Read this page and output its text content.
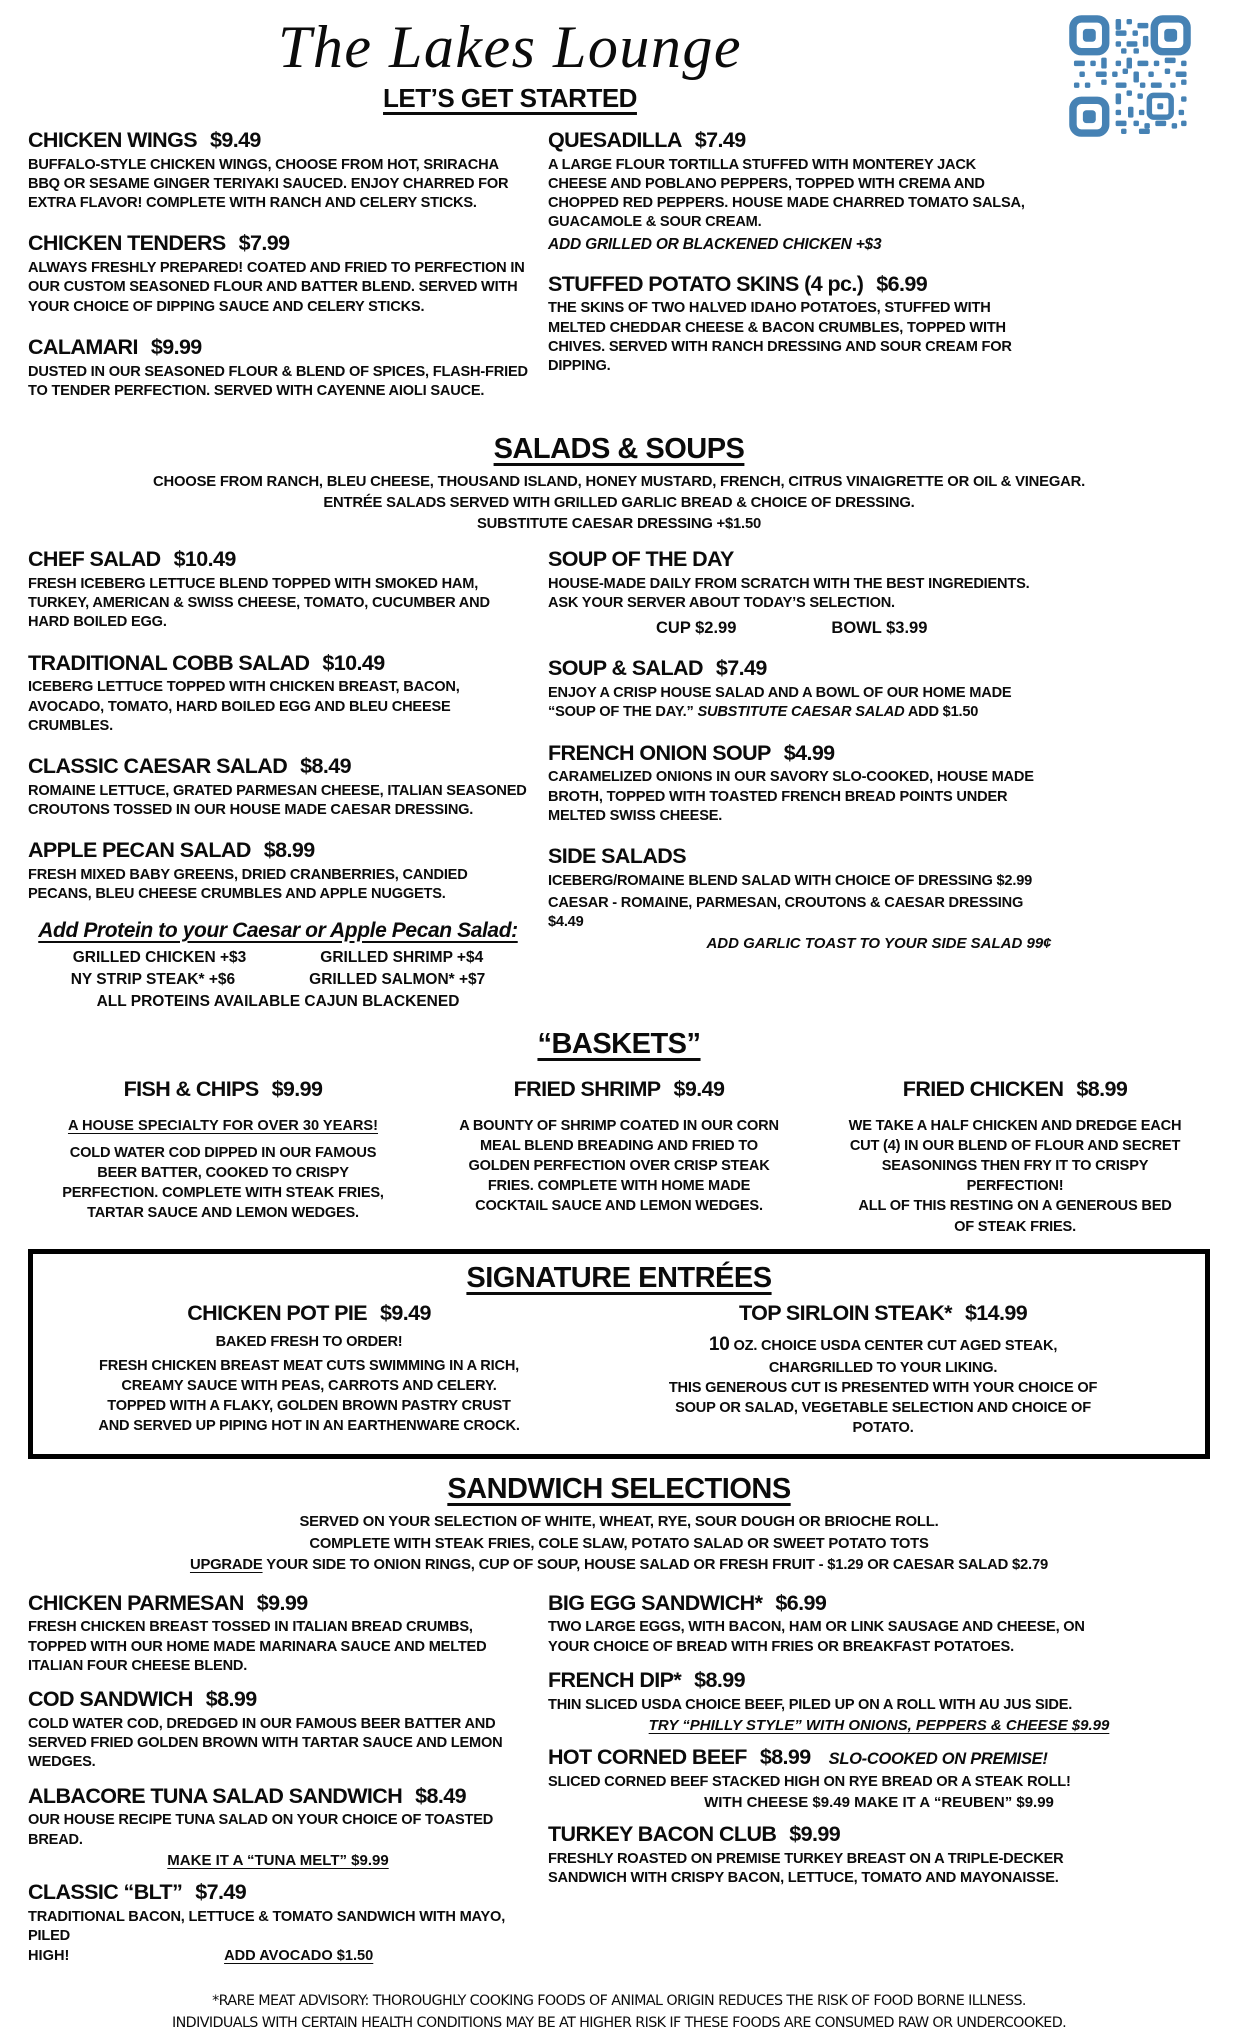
The Lakes Lounge
LET’S GET STARTED
CHICKEN WINGS $9.49

BUFFALO-STYLE CHICKEN WINGS, CHOOSE FROM HOT, SRIRACHA BBQ OR SESAME GINGER TERIYAKI SAUCED. ENJOY CHARRED FOR EXTRA FLAVOR! COMPLETE WITH RANCH AND CELERY STICKS.

CHICKEN TENDERS $7.99

ALWAYS FRESHLY PREPARED! COATED AND FRIED TO PERFECTION IN OUR CUSTOM SEASONED FLOUR AND BATTER BLEND. SERVED WITH YOUR CHOICE OF DIPPING SAUCE AND CELERY STICKS.

CALAMARI $9.99

DUSTED IN OUR SEASONED FLOUR & BLEND OF SPICES, FLASH-FRIED TO TENDER PERFECTION. SERVED WITH CAYENNE AIOLI SAUCE.

QUESADILLA $7.49

A LARGE FLOUR TORTILLA STUFFED WITH MONTEREY JACK CHEESE AND POBLANO PEPPERS, TOPPED WITH CREMA AND CHOPPED RED PEPPERS. HOUSE MADE CHARRED TOMATO SALSA, GUACAMOLE & SOUR CREAM.

ADD GRILLED OR BLACKENED CHICKEN +$3
STUFFED POTATO SKINS (4 pc.) $6.99

THE SKINS OF TWO HALVED IDAHO POTATOES, STUFFED WITH MELTED CHEDDAR CHEESE & BACON CRUMBLES, TOPPED WITH CHIVES. SERVED WITH RANCH DRESSING AND SOUR CREAM FOR DIPPING.

SALADS & SOUPS
CHOOSE FROM RANCH, BLEU CHEESE, THOUSAND ISLAND, HONEY MUSTARD, FRENCH, CITRUS VINAIGRETTE OR OIL & VINEGAR.
ENTRÉE SALADS SERVED WITH GRILLED GARLIC BREAD & CHOICE OF DRESSING.
SUBSTITUTE CAESAR DRESSING +$1.50
CHEF SALAD $10.49

FRESH ICEBERG LETTUCE BLEND TOPPED WITH SMOKED HAM, TURKEY, AMERICAN & SWISS CHEESE, TOMATO, CUCUMBER AND HARD BOILED EGG.

TRADITIONAL COBB SALAD $10.49

ICEBERG LETTUCE TOPPED WITH CHICKEN BREAST, BACON, AVOCADO, TOMATO, HARD BOILED EGG AND BLEU CHEESE CRUMBLES.

CLASSIC CAESAR SALAD $8.49

ROMAINE LETTUCE, GRATED PARMESAN CHEESE, ITALIAN SEASONED CROUTONS TOSSED IN OUR HOUSE MADE CAESAR DRESSING.

APPLE PECAN SALAD $8.99

FRESH MIXED BABY GREENS, DRIED CRANBERRIES, CANDIED PECANS, BLEU CHEESE CRUMBLES AND APPLE NUGGETS.

Add Protein to your Caesar or Apple Pecan Salad:
GRILLED CHICKEN +$3	GRILLED SHRIMP +$4
NY STRIP STEAK* +$6	GRILLED SALMON* +$7
ALL PROTEINS AVAILABLE CAJUN BLACKENED
SOUP OF THE DAY

HOUSE-MADE DAILY FROM SCRATCH WITH THE BEST INGREDIENTS. ASK YOUR SERVER ABOUT TODAY’S SELECTION.

CUP $2.99	BOWL $3.99
SOUP & SALAD $7.49

ENJOY A CRISP HOUSE SALAD AND A BOWL OF OUR HOME MADE “SOUP OF THE DAY.” SUBSTITUTE CAESAR SALAD ADD $1.50

FRENCH ONION SOUP $4.99

CARAMELIZED ONIONS IN OUR SAVORY SLO-COOKED, HOUSE MADE BROTH, TOPPED WITH TOASTED FRENCH BREAD POINTS UNDER MELTED SWISS CHEESE.

SIDE SALADS

ICEBERG/ROMAINE BLEND SALAD WITH CHOICE OF DRESSING $2.99

CAESAR - ROMAINE, PARMESAN, CROUTONS & CAESAR DRESSING $4.49

ADD GARLIC TOAST TO YOUR SIDE SALAD 99¢
“BASKETS”
FISH & CHIPS $9.99
A HOUSE SPECIALTY FOR OVER 30 YEARS!

COLD WATER COD DIPPED IN OUR FAMOUS BEER BATTER, COOKED TO CRISPY PERFECTION. COMPLETE WITH STEAK FRIES, TARTAR SAUCE AND LEMON WEDGES.

FRIED SHRIMP $9.49

A BOUNTY OF SHRIMP COATED IN OUR CORN MEAL BLEND BREADING AND FRIED TO GOLDEN PERFECTION OVER CRISP STEAK FRIES. COMPLETE WITH HOME MADE COCKTAIL SAUCE AND LEMON WEDGES.

FRIED CHICKEN $8.99

WE TAKE A HALF CHICKEN AND DREDGE EACH CUT (4) IN OUR BLEND OF FLOUR AND SECRET SEASONINGS THEN FRY IT TO CRISPY PERFECTION!

ALL OF THIS RESTING ON A GENEROUS BED OF STEAK FRIES.

SIGNATURE ENTRÉES
CHICKEN POT PIE $9.49
BAKED FRESH TO ORDER!

FRESH CHICKEN BREAST MEAT CUTS SWIMMING IN A RICH, CREAMY SAUCE WITH PEAS, CARROTS AND CELERY. TOPPED WITH A FLAKY, GOLDEN BROWN PASTRY CRUST AND SERVED UP PIPING HOT IN AN EARTHENWARE CROCK.

TOP SIRLOIN STEAK* $14.99

10 OZ. CHOICE USDA CENTER CUT AGED STEAK, CHARGRILLED TO YOUR LIKING.

THIS GENEROUS CUT IS PRESENTED WITH YOUR CHOICE OF SOUP OR SALAD, VEGETABLE SELECTION AND CHOICE OF POTATO.

SANDWICH SELECTIONS
SERVED ON YOUR SELECTION OF WHITE, WHEAT, RYE, SOUR DOUGH OR BRIOCHE ROLL.
COMPLETE WITH STEAK FRIES, COLE SLAW, POTATO SALAD OR SWEET POTATO TOTS
UPGRADE YOUR SIDE TO ONION RINGS, CUP OF SOUP, HOUSE SALAD OR FRESH FRUIT - $1.29 OR CAESAR SALAD $2.79
CHICKEN PARMESAN $9.99

FRESH CHICKEN BREAST TOSSED IN ITALIAN BREAD CRUMBS, TOPPED WITH OUR HOME MADE MARINARA SAUCE AND MELTED ITALIAN FOUR CHEESE BLEND.

COD SANDWICH $8.99

COLD WATER COD, DREDGED IN OUR FAMOUS BEER BATTER AND SERVED FRIED GOLDEN BROWN WITH TARTAR SAUCE AND LEMON WEDGES.

ALBACORE TUNA SALAD SANDWICH $8.49

OUR HOUSE RECIPE TUNA SALAD ON YOUR CHOICE OF TOASTED BREAD.

MAKE IT A “TUNA MELT” $9.99
CLASSIC “BLT” $7.49

TRADITIONAL BACON, LETTUCE & TOMATO SANDWICH WITH MAYO, PILED

HIGH!	ADD AVOCADO $1.50
BIG EGG SANDWICH* $6.99

TWO LARGE EGGS, WITH BACON, HAM OR LINK SAUSAGE AND CHEESE, ON YOUR CHOICE OF BREAD WITH FRIES OR BREAKFAST POTATOES.

FRENCH DIP* $8.99

THIN SLICED USDA CHOICE BEEF, PILED UP ON A ROLL WITH AU JUS SIDE.

TRY “PHILLY STYLE” WITH ONIONS, PEPPERS & CHEESE $9.99
HOT CORNED BEEF $8.99 SLO-COOKED ON PREMISE!

SLICED CORNED BEEF STACKED HIGH ON RYE BREAD OR A STEAK ROLL!

WITH CHEESE $9.49 MAKE IT A “REUBEN” $9.99
TURKEY BACON CLUB $9.99

FRESHLY ROASTED ON PREMISE TURKEY BREAST ON A TRIPLE-DECKER SANDWICH WITH CRISPY BACON, LETTUCE, TOMATO AND MAYONAISSE.

*RARE MEAT ADVISORY: THOROUGHLY COOKING FOODS OF ANIMAL ORIGIN REDUCES THE RISK OF FOOD BORNE ILLNESS.
INDIVIDUALS WITH CERTAIN HEALTH CONDITIONS MAY BE AT HIGHER RISK IF THESE FOODS ARE CONSUMED RAW OR UNDERCOOKED.
